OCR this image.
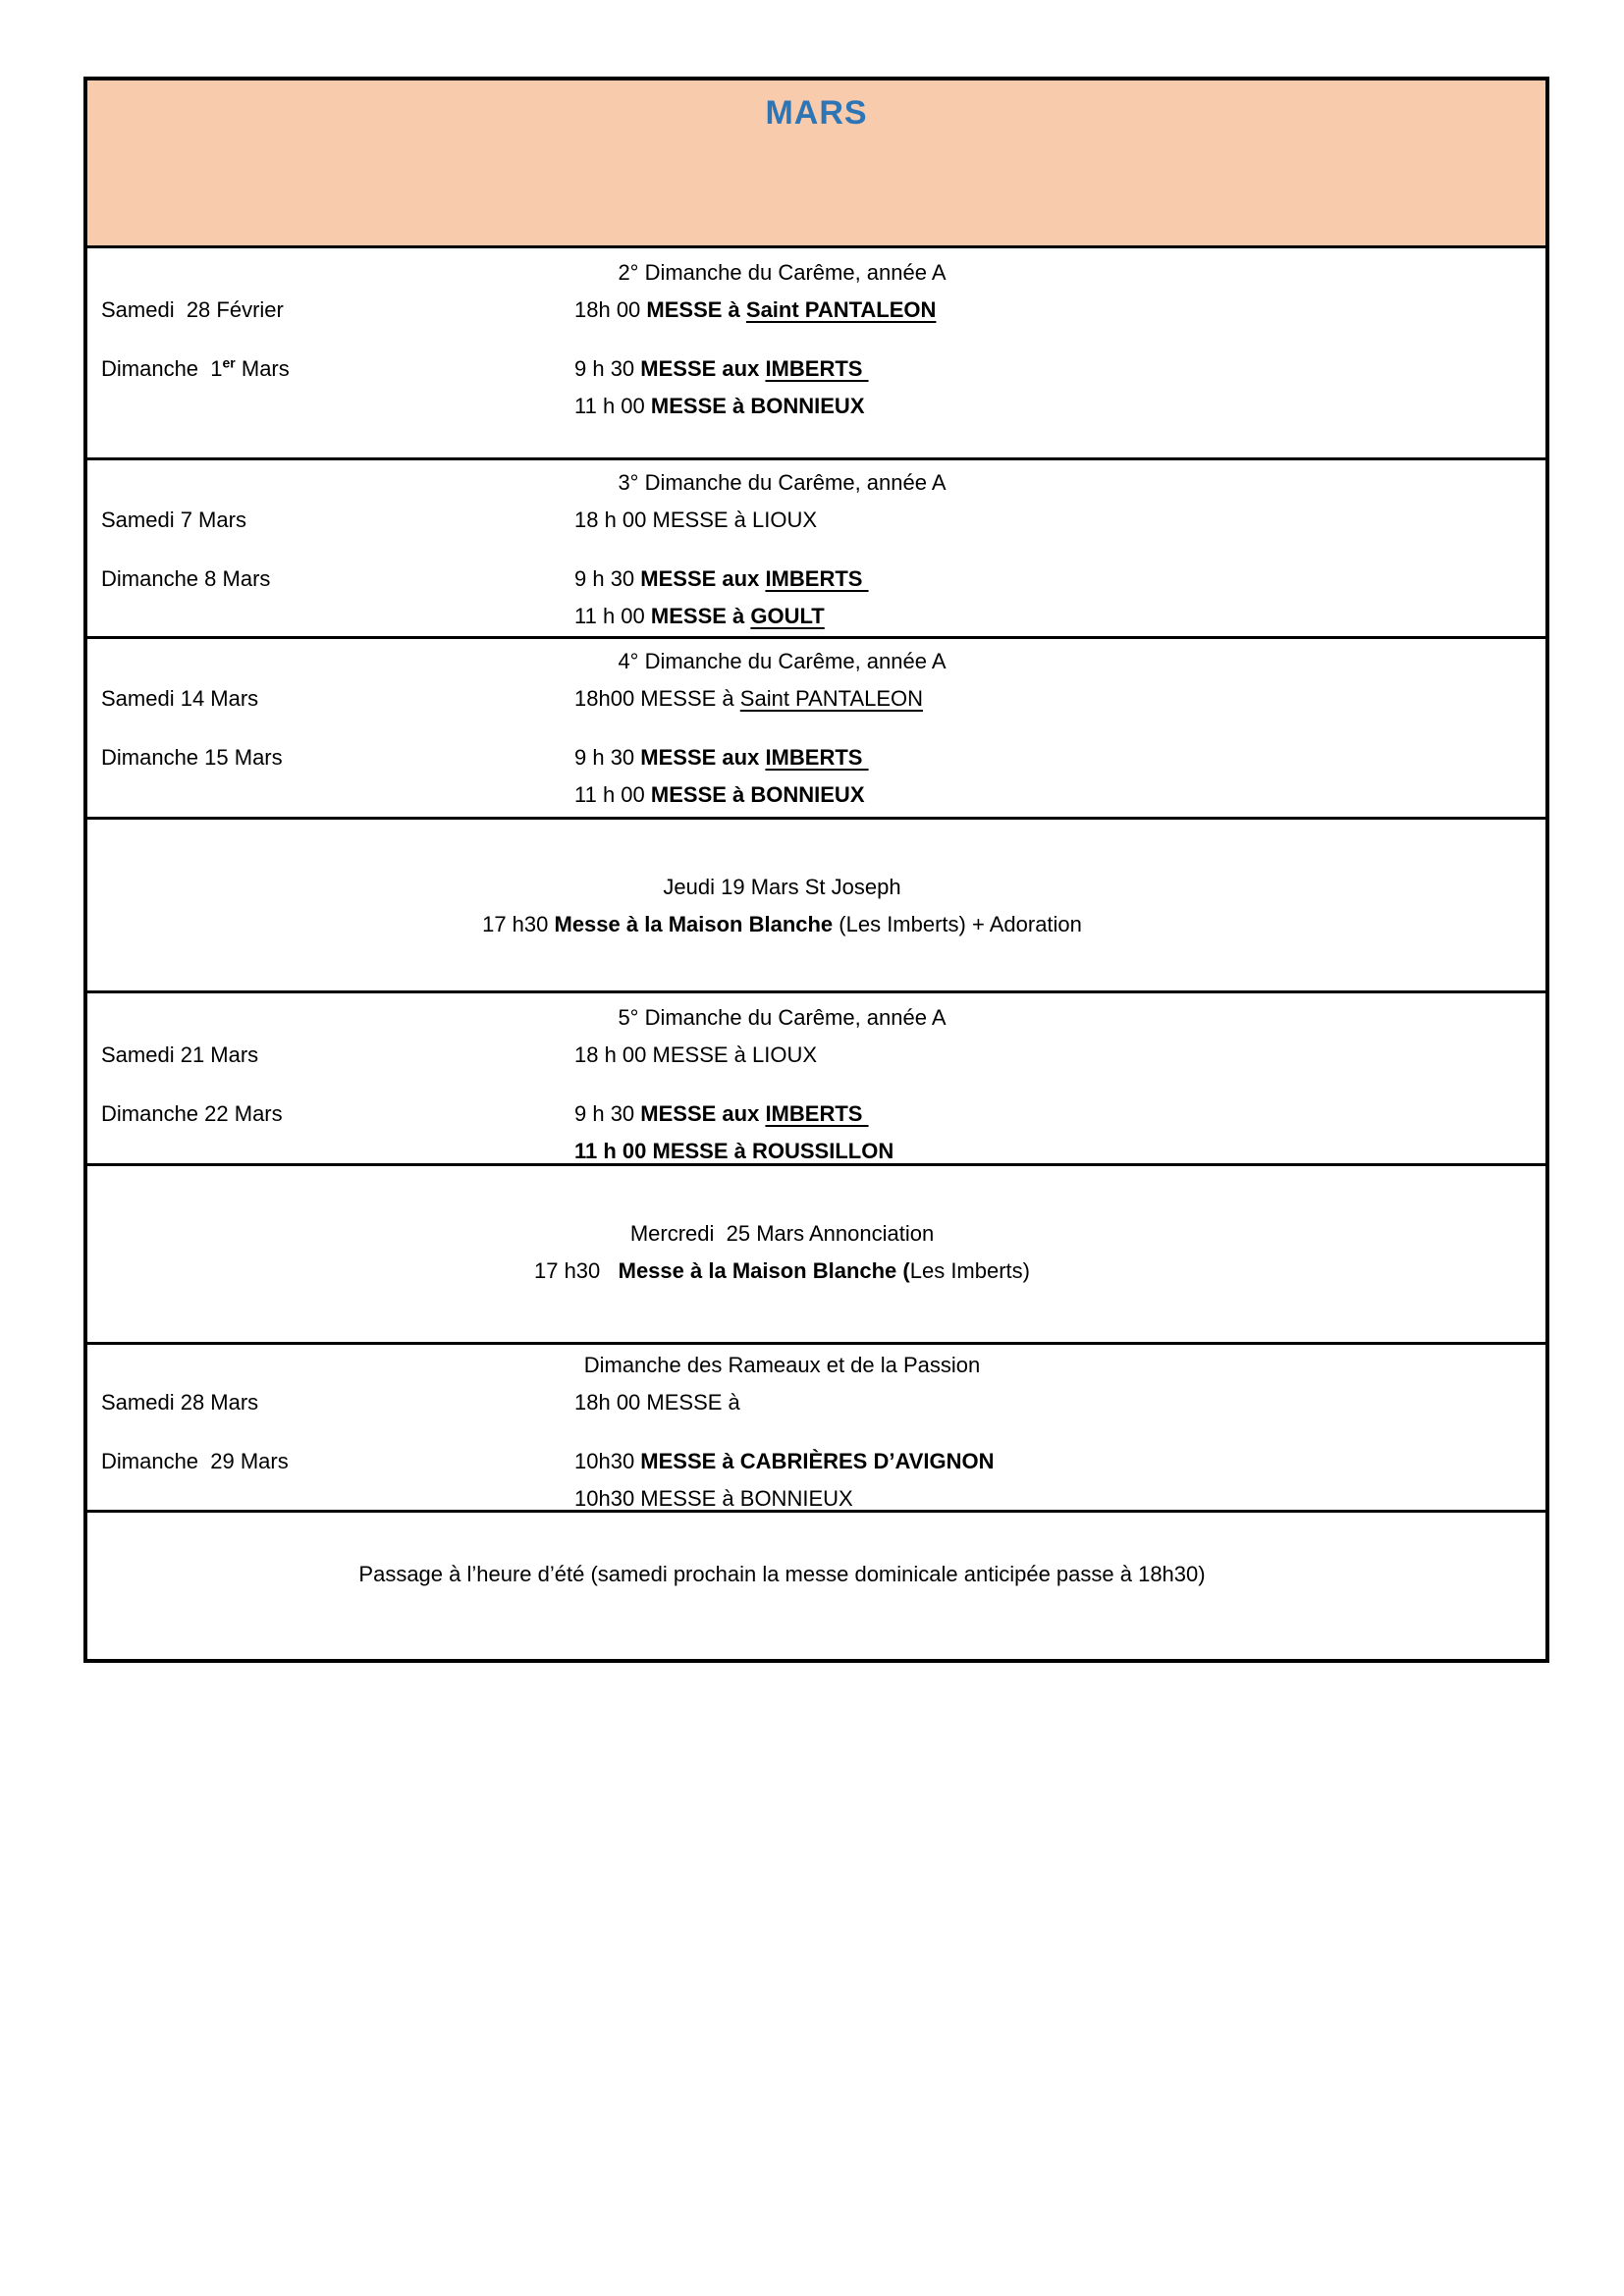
MARS
2° Dimanche du Carême, année A
Samedi  28 Février	18h 00 MESSE à Saint PANTALEON
Dimanche  1er Mars	9 h 30 MESSE aux IMBERTS
11 h 00 MESSE à BONNIEUX
3° Dimanche du Carême, année A
Samedi 7 Mars	18 h 00 MESSE à LIOUX
Dimanche 8 Mars	9 h 30 MESSE aux IMBERTS
11 h 00 MESSE à GOULT
4° Dimanche du Carême, année A
Samedi 14 Mars	18h00 MESSE à Saint PANTALEON
Dimanche 15 Mars	9 h 30 MESSE aux IMBERTS
11 h 00 MESSE à BONNIEUX
Jeudi 19 Mars St Joseph
17 h30 Messe à la Maison Blanche (Les Imberts) + Adoration
5° Dimanche du Carême, année A
Samedi 21 Mars	18 h 00 MESSE à LIOUX
Dimanche 22 Mars	9 h 30 MESSE aux IMBERTS
11 h 00 MESSE à ROUSSILLON
Mercredi  25 Mars Annonciation
17 h30   Messe à la Maison Blanche (Les Imberts)
Dimanche des Rameaux et de la Passion
Samedi 28 Mars	18h 00 MESSE à
Dimanche  29 Mars	10h30 MESSE à CABRIÈRES D’AVIGNON
10h30 MESSE à BONNIEUX
Passage à l’heure d’été (samedi prochain la messe dominicale anticipée passe à 18h30)
